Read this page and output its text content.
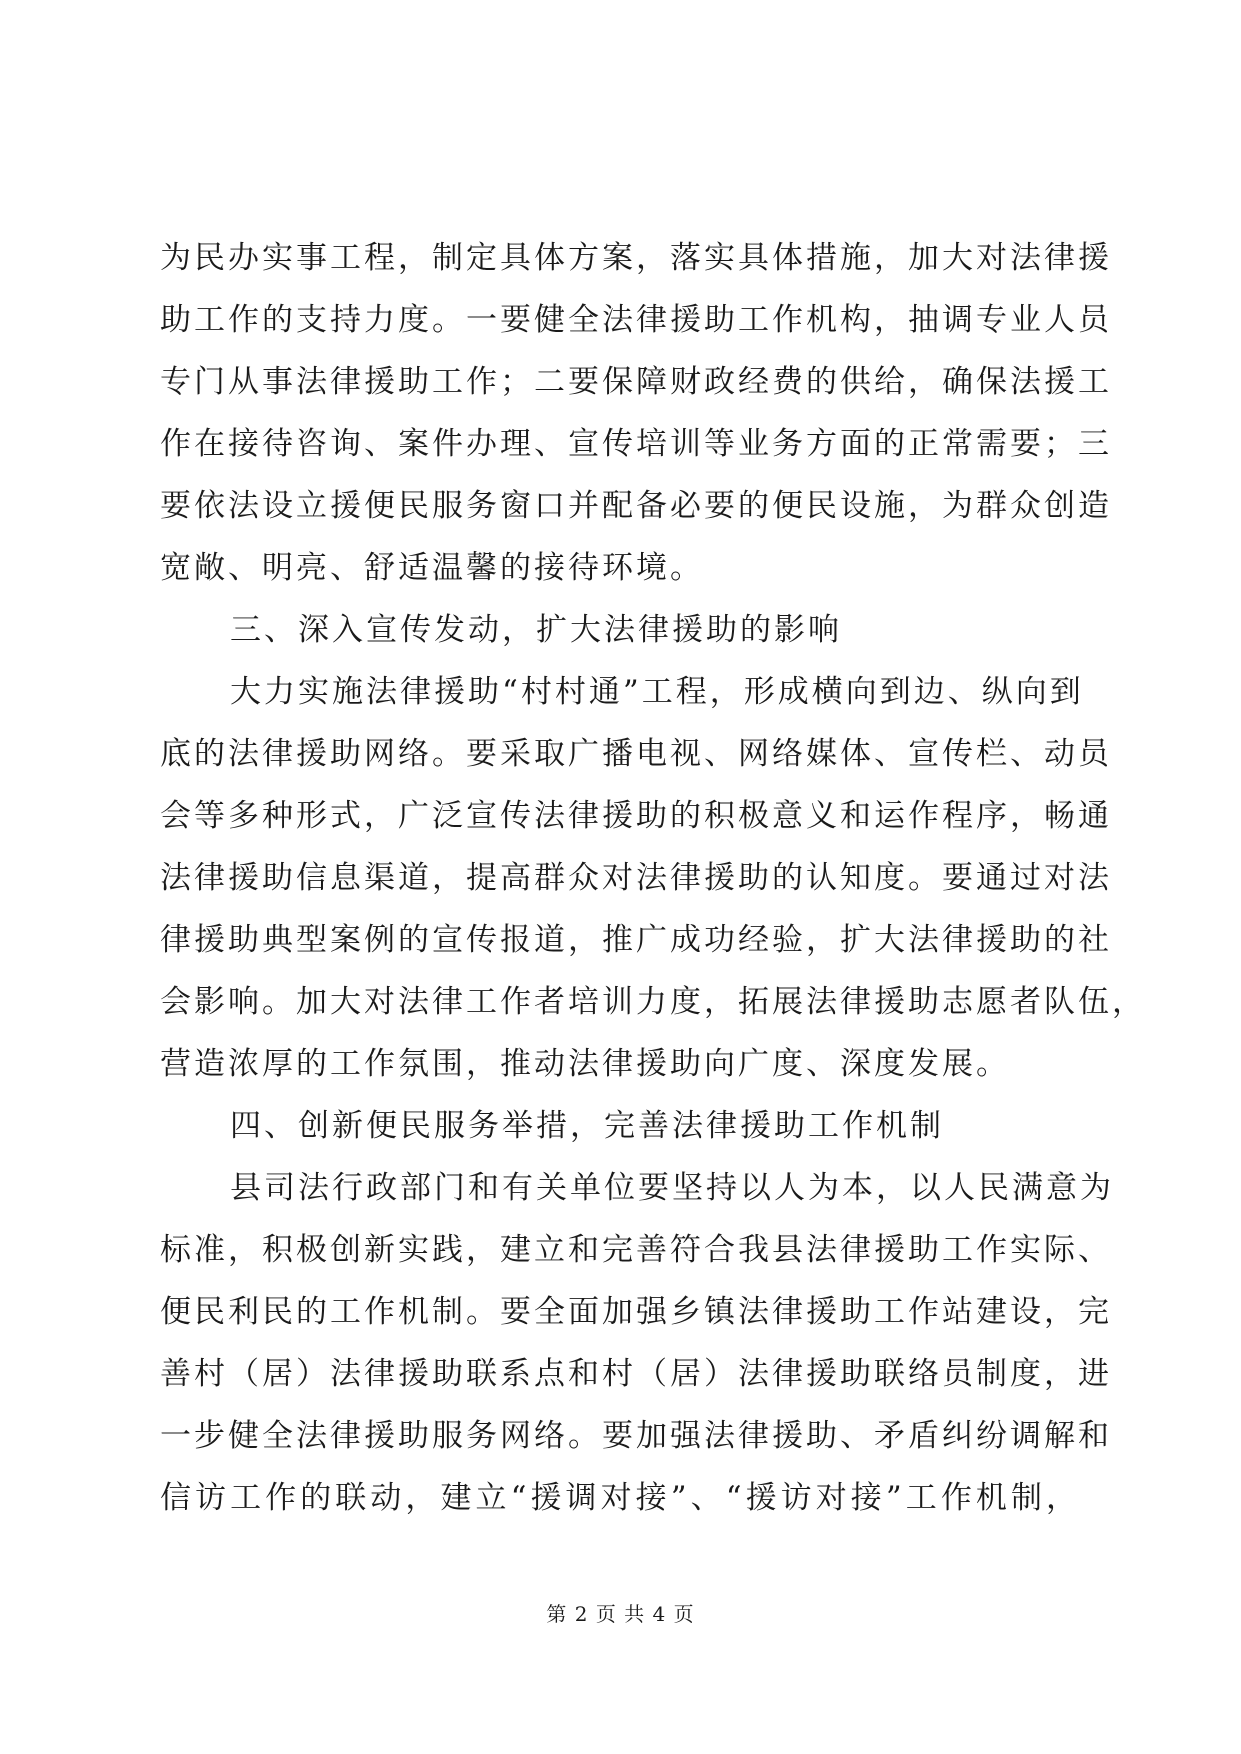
为民办实事工程，制定具体方案，落实具体措施，加大对法律援
助工作的支持力度。一要健全法律援助工作机构，抽调专业人员
专门从事法律援助工作；二要保障财政经费的供给，确保法援工
作在接待咨询、案件办理、宣传培训等业务方面的正常需要；三
要依法设立援便民服务窗口并配备必要的便民设施，为群众创造
宽敞、明亮、舒适温馨的接待环境。
三、深入宣传发动，扩大法律援助的影响
大力实施法律援助“村村通”工程，形成横向到边、纵向到
底的法律援助网络。要采取广播电视、网络媒体、宣传栏、动员
会等多种形式，广泛宣传法律援助的积极意义和运作程序，畅通
法律援助信息渠道，提高群众对法律援助的认知度。要通过对法
律援助典型案例的宣传报道，推广成功经验，扩大法律援助的社
会影响。加大对法律工作者培训力度，拓展法律援助志愿者队伍，
营造浓厚的工作氛围，推动法律援助向广度、深度发展。
四、创新便民服务举措，完善法律援助工作机制
县司法行政部门和有关单位要坚持以人为本，以人民满意为
标准，积极创新实践，建立和完善符合我县法律援助工作实际、
便民利民的工作机制。要全面加强乡镇法律援助工作站建设，完
善村（居）法律援助联系点和村（居）法律援助联络员制度，进
一步健全法律援助服务网络。要加强法律援助、矛盾纠纷调解和
信访工作的联动，建立“援调对接”、“援访对接”工作机制，
第 2 页 共 4 页
